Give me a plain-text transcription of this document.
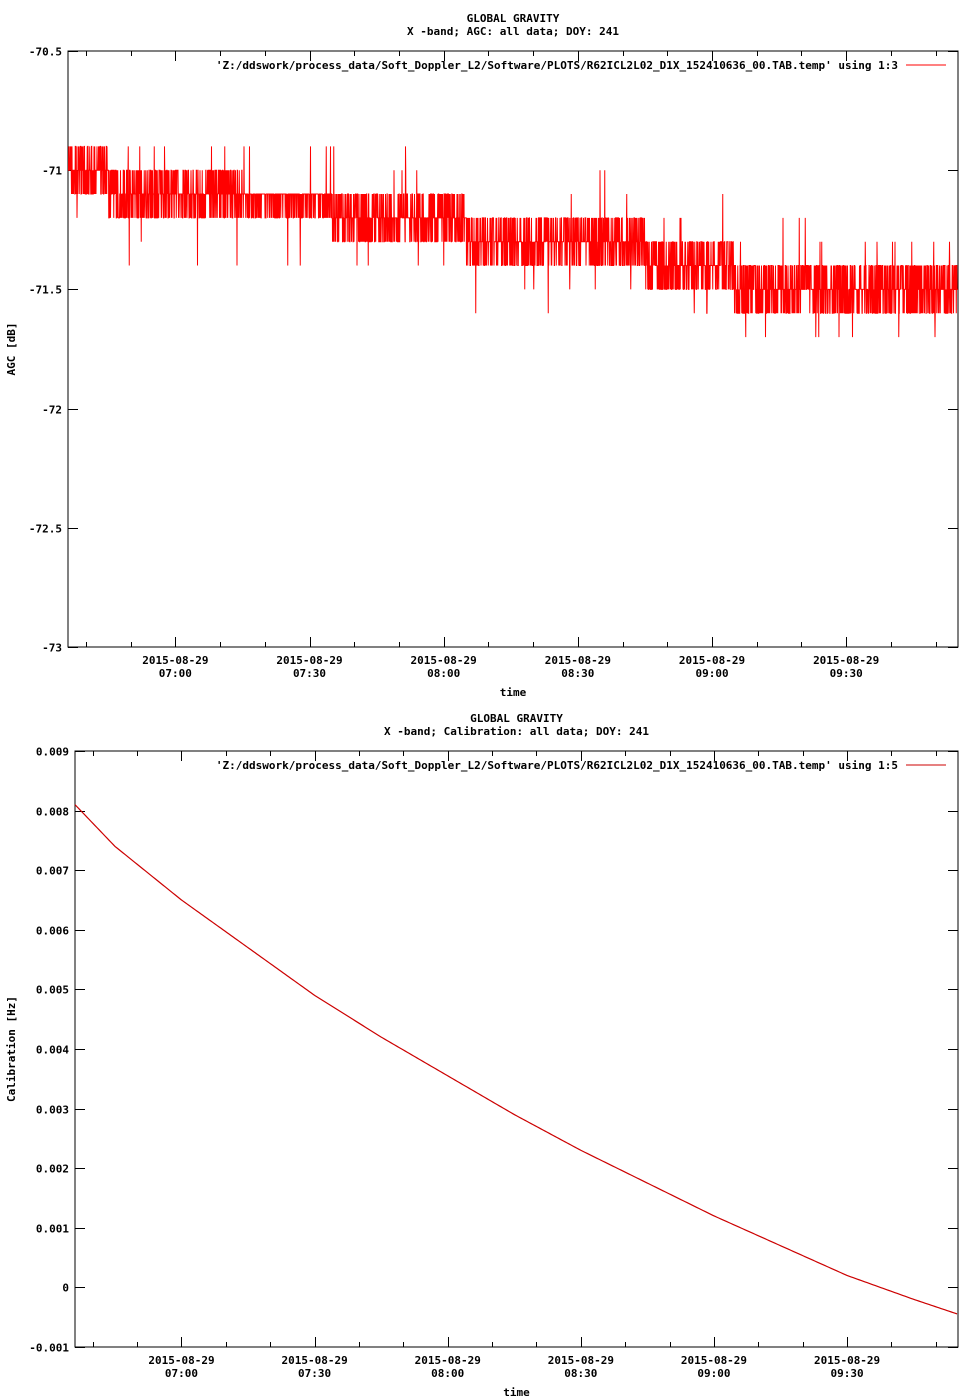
GLOBAL GRAVITY
X -band; AGC: all data; DOY: 241
-70.5
-71
-71.5
-72
-72.5
-73
2015-08-29
07:00
2015-08-29
07:30
2015-08-29
08:00
2015-08-29
08:30
2015-08-29
09:00
2015-08-29
09:30
time
AGC [dB]
'Z:/ddswork/process_data/Soft_Doppler_L2/Software/PLOTS/R62ICL2L02_D1X_152410636_00.TAB.temp' using 1:3
GLOBAL GRAVITY
X -band; Calibration: all data; DOY: 241
0.009
0.008
0.007
0.006
0.005
0.004
0.003
0.002
0.001
0
-0.001
2015-08-29
07:00
2015-08-29
07:30
2015-08-29
08:00
2015-08-29
08:30
2015-08-29
09:00
2015-08-29
09:30
time
Calibration [Hz]
'Z:/ddswork/process_data/Soft_Doppler_L2/Software/PLOTS/R62ICL2L02_D1X_152410636_00.TAB.temp' using 1:5
